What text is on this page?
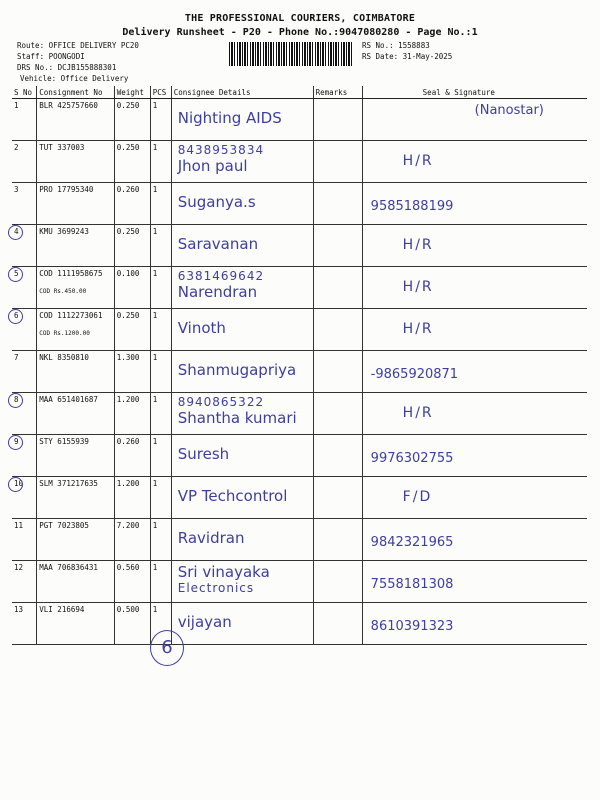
THE PROFESSIONAL COURIERS, COIMBATORE
Delivery Runsheet - P20 - Phone No.:9047080280 - Page No.:1
Route: OFFICE DELIVERY PC20
Staff: POONGODI
DRS No.: DCJB155888301
Vehicle: Office Delivery
RS No.: 1558883
RS Date: 31-May-2025
S No	Consignment No	Weight	PCS	Consignee Details	Remarks	Seal & Signature
1	BLR 425757660	0.250	1	Nighting AIDS		(Nanostar)

2	TUT 337003	0.250	1	8438953834
Jhon paul		H/R

3	PRO 17795340	0.260	1	Suganya.s		9585188199

4	KMU 3699243	0.250	1	Saravanan		H/R

5	COD 1111958675
COD Rs.450.00	0.100	1	6381469642
Narendran		H/R

6	COD 1112273061
COD Rs.1200.00	0.250	1	Vinoth		H/R

7	NKL 8350810	1.300	1	Shanmugapriya		-9865920871

8	MAA 651401687	1.200	1	8940865322
Shantha kumari		H/R

9	STY 6155939	0.260	1	Suresh		9976302755

10	SLM 371217635	1.200	1	VP Techcontrol		F/D

11	PGT 7023805	7.200	1	Ravidran		9842321965

12	MAA 706836431	0.560	1	Sri vinayaka
Electronics		7558181308

13	VLI 216694	0.500	1	vijayan		8610391323
6
